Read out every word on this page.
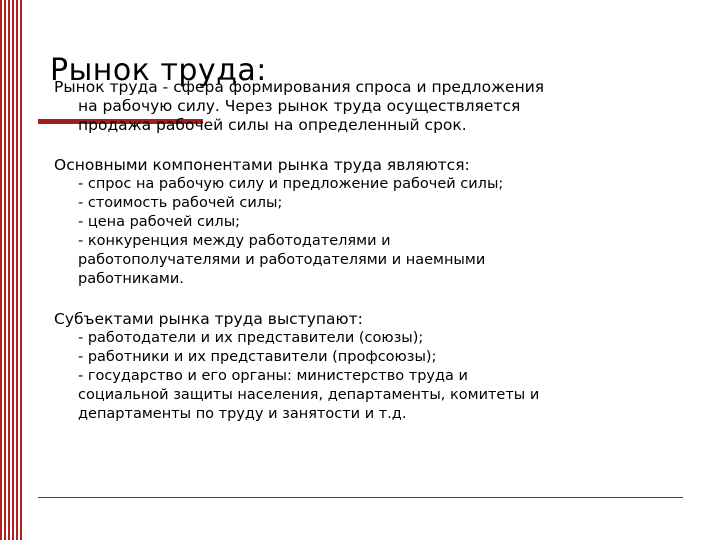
Рынок труда:
Рынок труда - сфера формирования спроса и предложения
на рабочую силу. Через рынок труда осуществляется
продажа рабочей силы на определенный срок.
Основными компонентами рынка труда являются:
- спрос на рабочую силу и предложение рабочей силы;
- стоимость рабочей силы;
- цена рабочей силы;
- конкуренция между работодателями и
работополучателями и работодателями и наемными
работниками.
Субъектами рынка труда выступают:
- работодатели и их представители (союзы);
- работники и их представители (профсоюзы);
- государство и его органы: министерство труда и
социальной защиты населения, департаменты, комитеты и
департаменты по труду и занятости и т.д.
